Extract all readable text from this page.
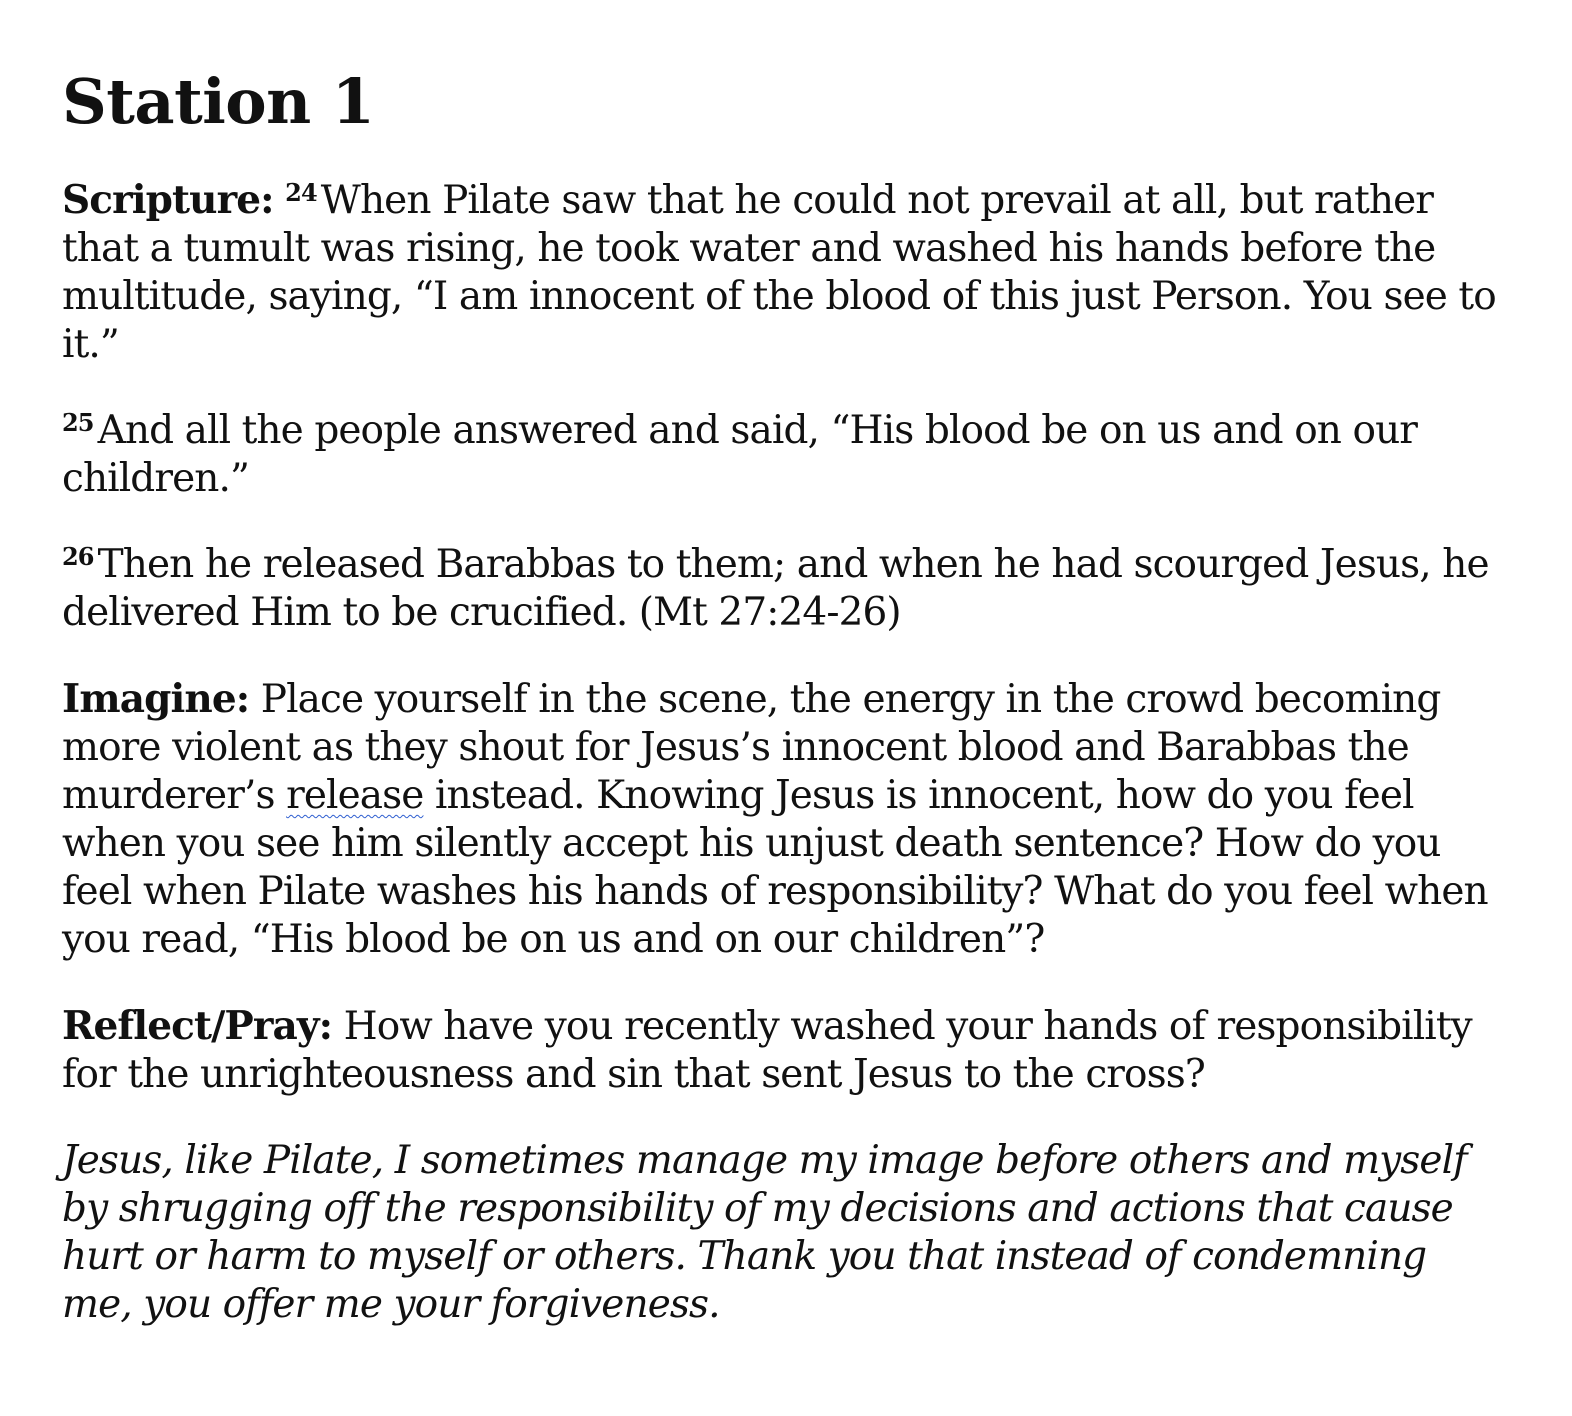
Station 1

Scripture: $^{24}$ When Pilate saw that he could not prevail at all, but rather that a tumult was rising, he took water and washed his hands before the multitude, saying, “I am innocent of the blood of this just Person. You see to it.”

$^{25}$ And all the people answered and said, “His blood be on us and on our children.”

$^{26}$ Then he released Barabbas to them; and when he had scourged Jesus, he delivered Him to be crucified. (Mt 27:24-26)

Imagine: Place yourself in the scene, the energy in the crowd becoming more violent as they shout for Jesus’s innocent blood and Barabbas the murderer’s release instead. Knowing Jesus is innocent, how do you feel when you see him silently accept his unjust death sentence? How do you feel when Pilate washes his hands of responsibility? What do you feel when you read, “His blood be on us and on our children”?

Reflect/Pray: How have you recently washed your hands of responsibility for the unrighteousness and sin that sent Jesus to the cross?

Jesus, like Pilate, I sometimes manage my image before others and myself by shrugging off the responsibility of my decisions and actions that cause hurt or harm to myself or others. Thank you that instead of condemning me, you offer me your forgiveness.
